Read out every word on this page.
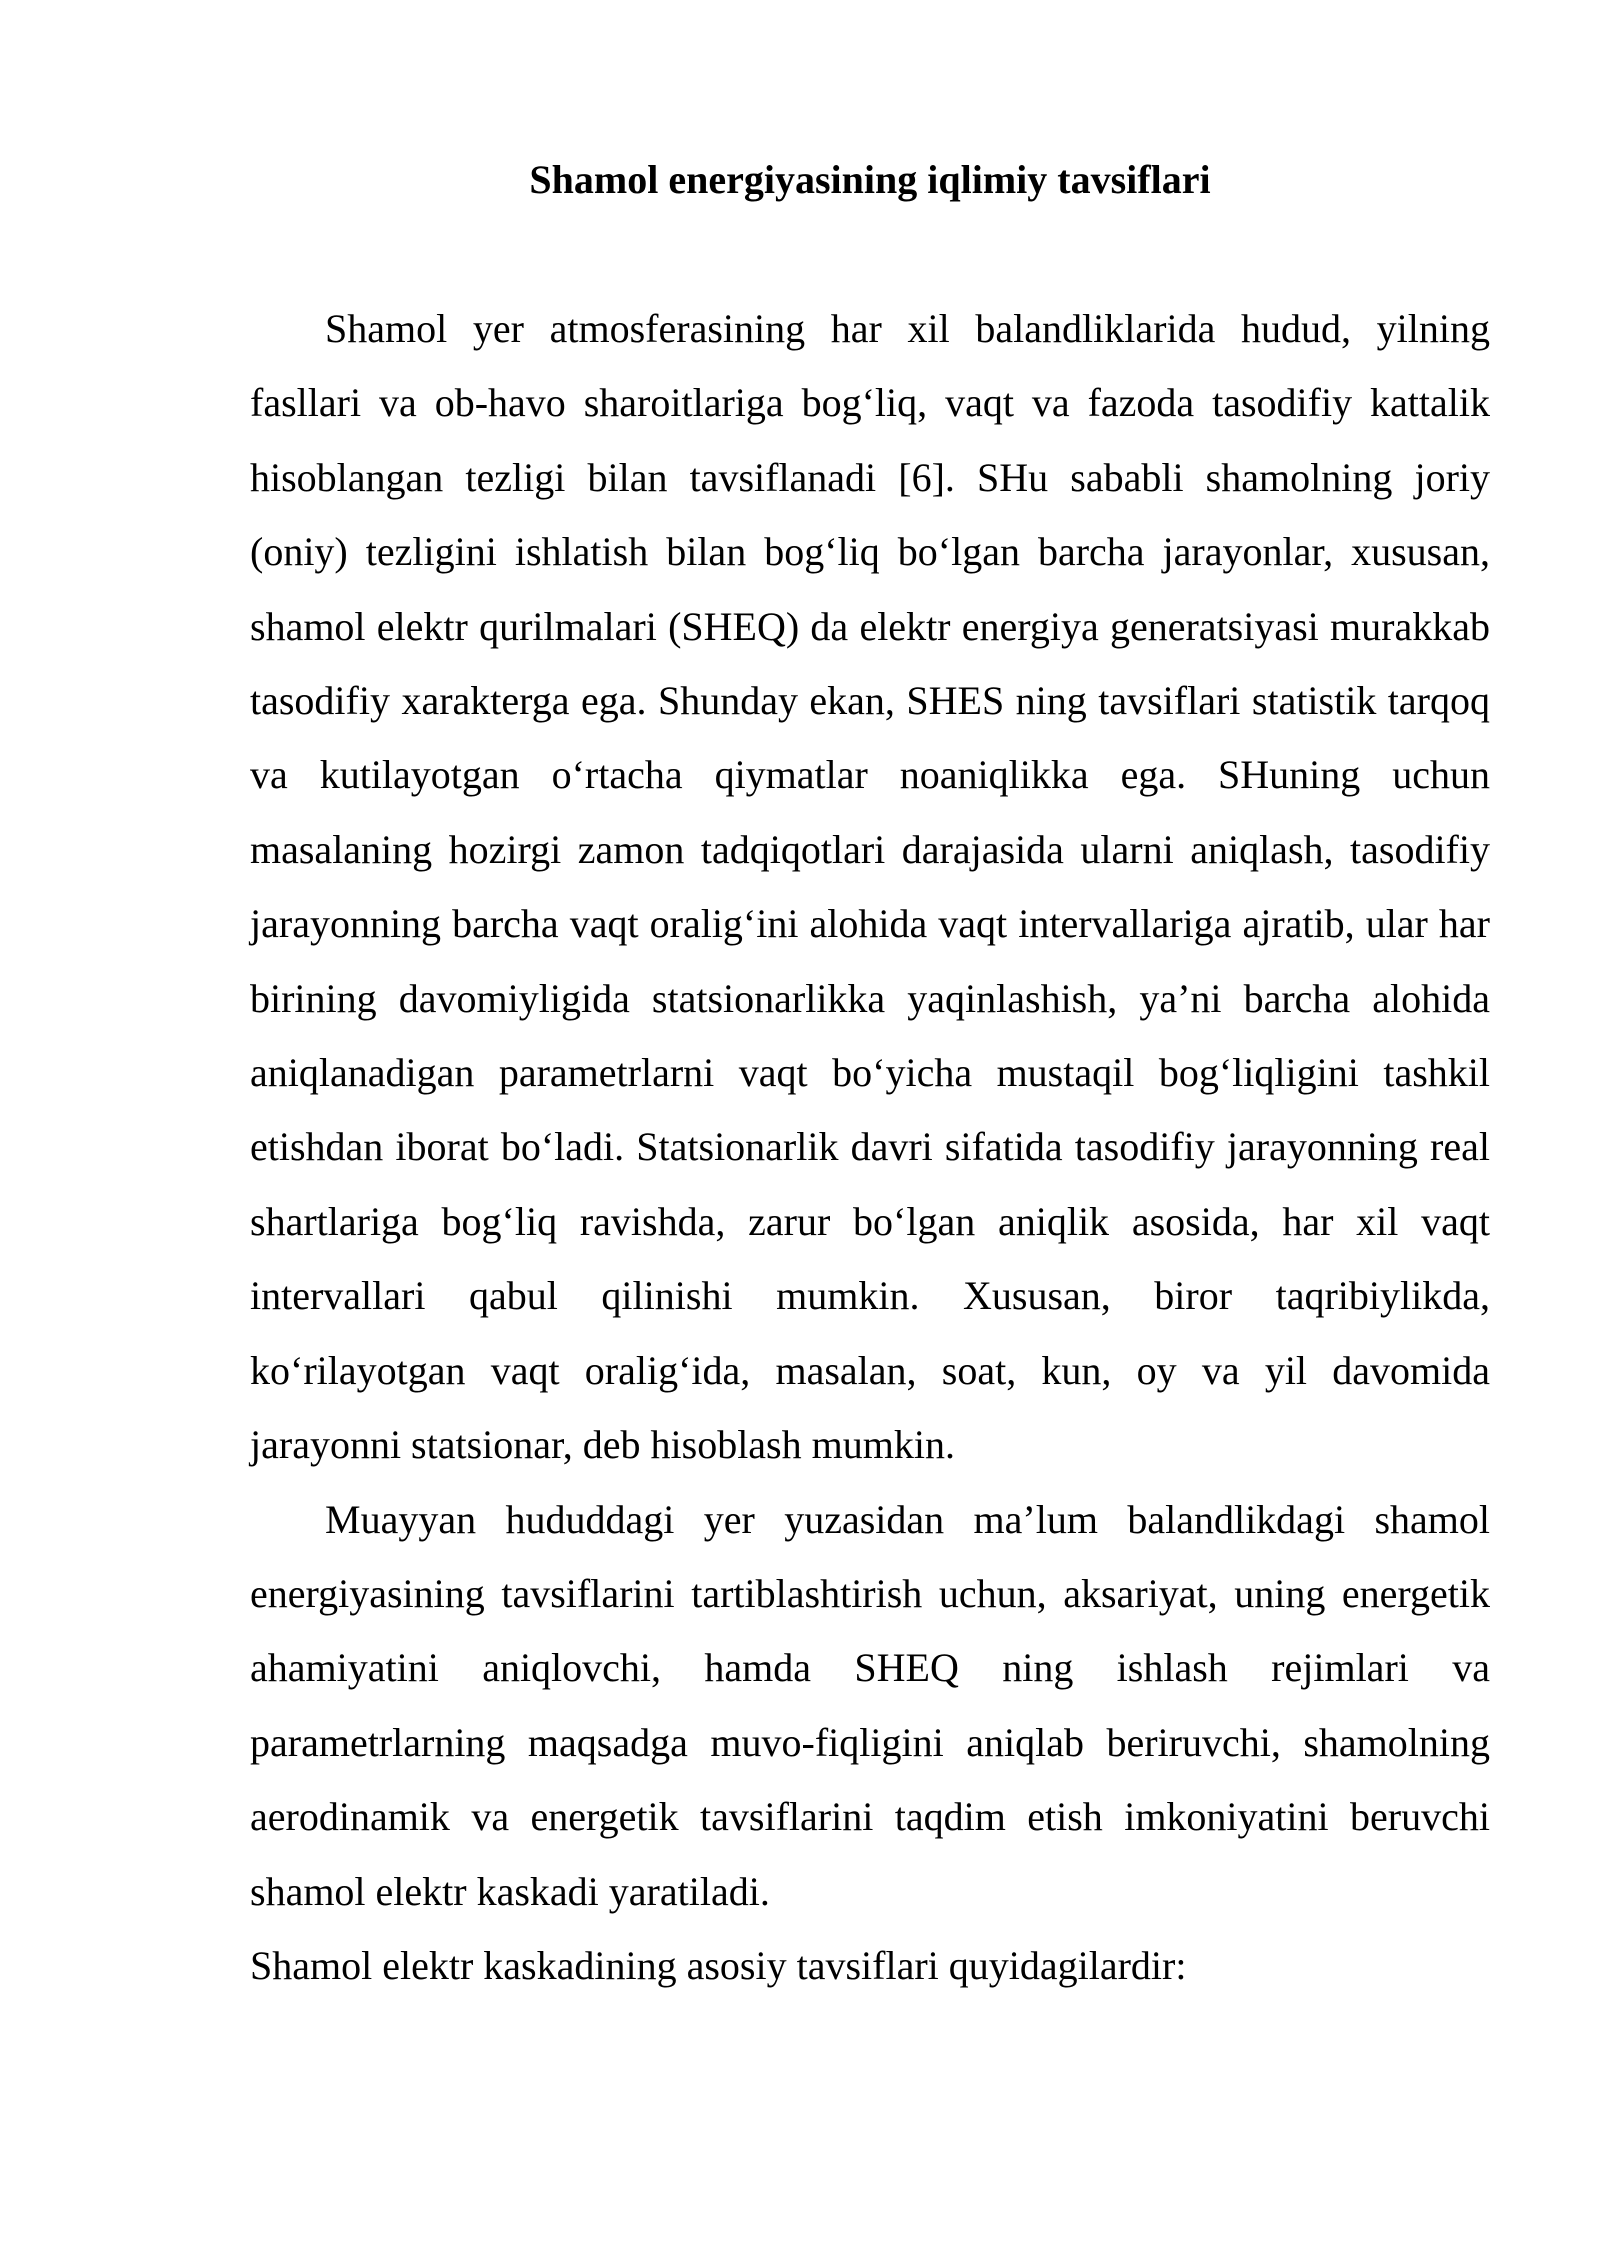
Shamol energiyasining iqlimiy tavsiflari

Shamol yer atmosferasining har xil balandliklarida hudud, yilning fasllari va ob-havo sharoitlariga bog‘liq, vaqt va fazoda tasodifiy kattalik hisoblangan tezligi bilan tavsiflanadi [6]. SHu sababli shamolning joriy (oniy) tezligini ishlatish bilan bog‘liq bo‘lgan barcha jarayonlar, xususan, shamol elektr qurilmalari (SHEQ) da elektr energiya generatsiyasi murakkab tasodifiy xarakterga ega. Shunday ekan, SHES ning tavsiflari statistik tarqoq va kutilayotgan o‘rtacha qiymatlar noaniqlikka ega. SHuning uchun masalaning hozirgi zamon tadqiqotlari darajasida ularni aniqlash, tasodifiy jarayonning barcha vaqt oralig‘ini alohida vaqt intervallariga ajratib, ular har birining davomiyligida statsionarlikka yaqinlashish, ya’ni barcha alohida aniqlanadigan parametrlarni vaqt bo‘yicha mustaqil bog‘liqligini tashkil etishdan iborat bo‘ladi. Statsionarlik davri sifatida tasodifiy jarayonning real shartlariga bog‘liq ravishda, zarur bo‘lgan aniqlik asosida, har xil vaqt intervallari qabul qilinishi mumkin. Xususan, biror taqribiylikda, ko‘rilayotgan vaqt oralig‘ida, masalan, soat, kun, oy va yil davomida jarayonni statsionar, deb hisoblash mumkin.

Muayyan hududdagi yer yuzasidan ma’lum balandlikdagi shamol energiyasining tavsiflarini tartiblashtirish uchun, aksariyat, uning energetik ahamiyatini aniqlovchi, hamda SHEQ ning ishlash rejimlari va parametrlarning maqsadga muvo-fiqligini aniqlab beriruvchi, shamolning aerodinamik va energetik tavsiflarini taqdim etish imkoniyatini beruvchi shamol elektr kaskadi yaratiladi.

Shamol elektr kaskadining asosiy tavsiflari quyidagilardir:
